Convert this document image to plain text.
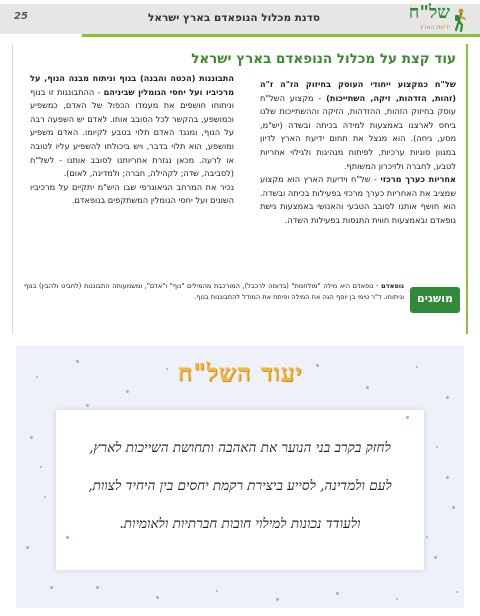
25	סדנת מכלול הנופאדם בארץ ישראל	של"ח
ידיעת הארץ
עוד קצת על מכלול הנופאדם בארץ ישראל

של"ח כמקצוע ייחודי העוסק בחיזוק הז"ה ז"ה (זהות, הזדהות, זיקה, השתייכות) - מקצוע השל"ח עוסק בחיזוק הזהות, ההזדהות, הזיקה וההשתייכות שלנו ביחס לארצנו באמצעות למידה בכיתה ובשדה (יש"מ, מסע, גיחה). הוא מנצל את תחום ידיעת הארץ לדיון במגוון סוגיות ערכיות, לפיתוח מנהיגות ולגילוי אחריות לטבע, לחברה ולזיכרון המשותף.

אחריות כערך מרכזי - של"ח וידיעת הארץ הוא מקצוע שמציב את האחריות כערך מרכזי בפעילות בכיתה ובשדה. הוא חושף אותנו לסובב הטבעי והאנושי באמצעות גישת נופאדם ובאמצעות חווית התנסות בפעילות השדה.

התבוננות (הכטה והבנה) בנוף וניתוח מבנה הנוף, על מרכיביו ועל יחסי הגומלין שביניהם - ההתבוננות זו בנוף וניתוחו חושפים את מעמדו הכפול של האדם, כמשפיע וכמושפע, בהקשר לכל הסובב אותו. לאדם יש השפעה רבה על הנוף, ומנגד האדם תלוי בטבע לקיומו. האדם משפיע ומושפע, הוא תלוי בדבר, ויש ביכולתו להשפיע עליו לטובה או לרעה. מכאן נגזרת אחריותנו לסובב אותנו - לשל"ח (לסביבה, שדה; לקהילה, חברה; ולמדינה, לאום).

נכיר את המרחב הגיאוגרפי שבו היש"מ יתקיים על מרכיביו השונים ועל יחסי הגומלין המשתקפים בנופאדם.

מושגים
נופאדם - נופאדם היא מילה "מולחמת" (בדומה לרכבל), המורכבת מהמילים "נוף" ו"אדם", ומשמעותה התבוננות (לחביט ולהבין) בנוף וניתוחו. ד"ר טימי בן יוסף הגה את המילה ופיתח את המודל להתבוננות בנוף.
יעוד השל"ח
לחזק בקרב בני הנוער את האהבה ותחושת השייכות לארץ,
לעם ולמדינה, לסייע ביצירת רקמת יחסים בין היחיד לצוות,
ולעודד נכונות למילוי חובות חברתיות ולאומיות.
